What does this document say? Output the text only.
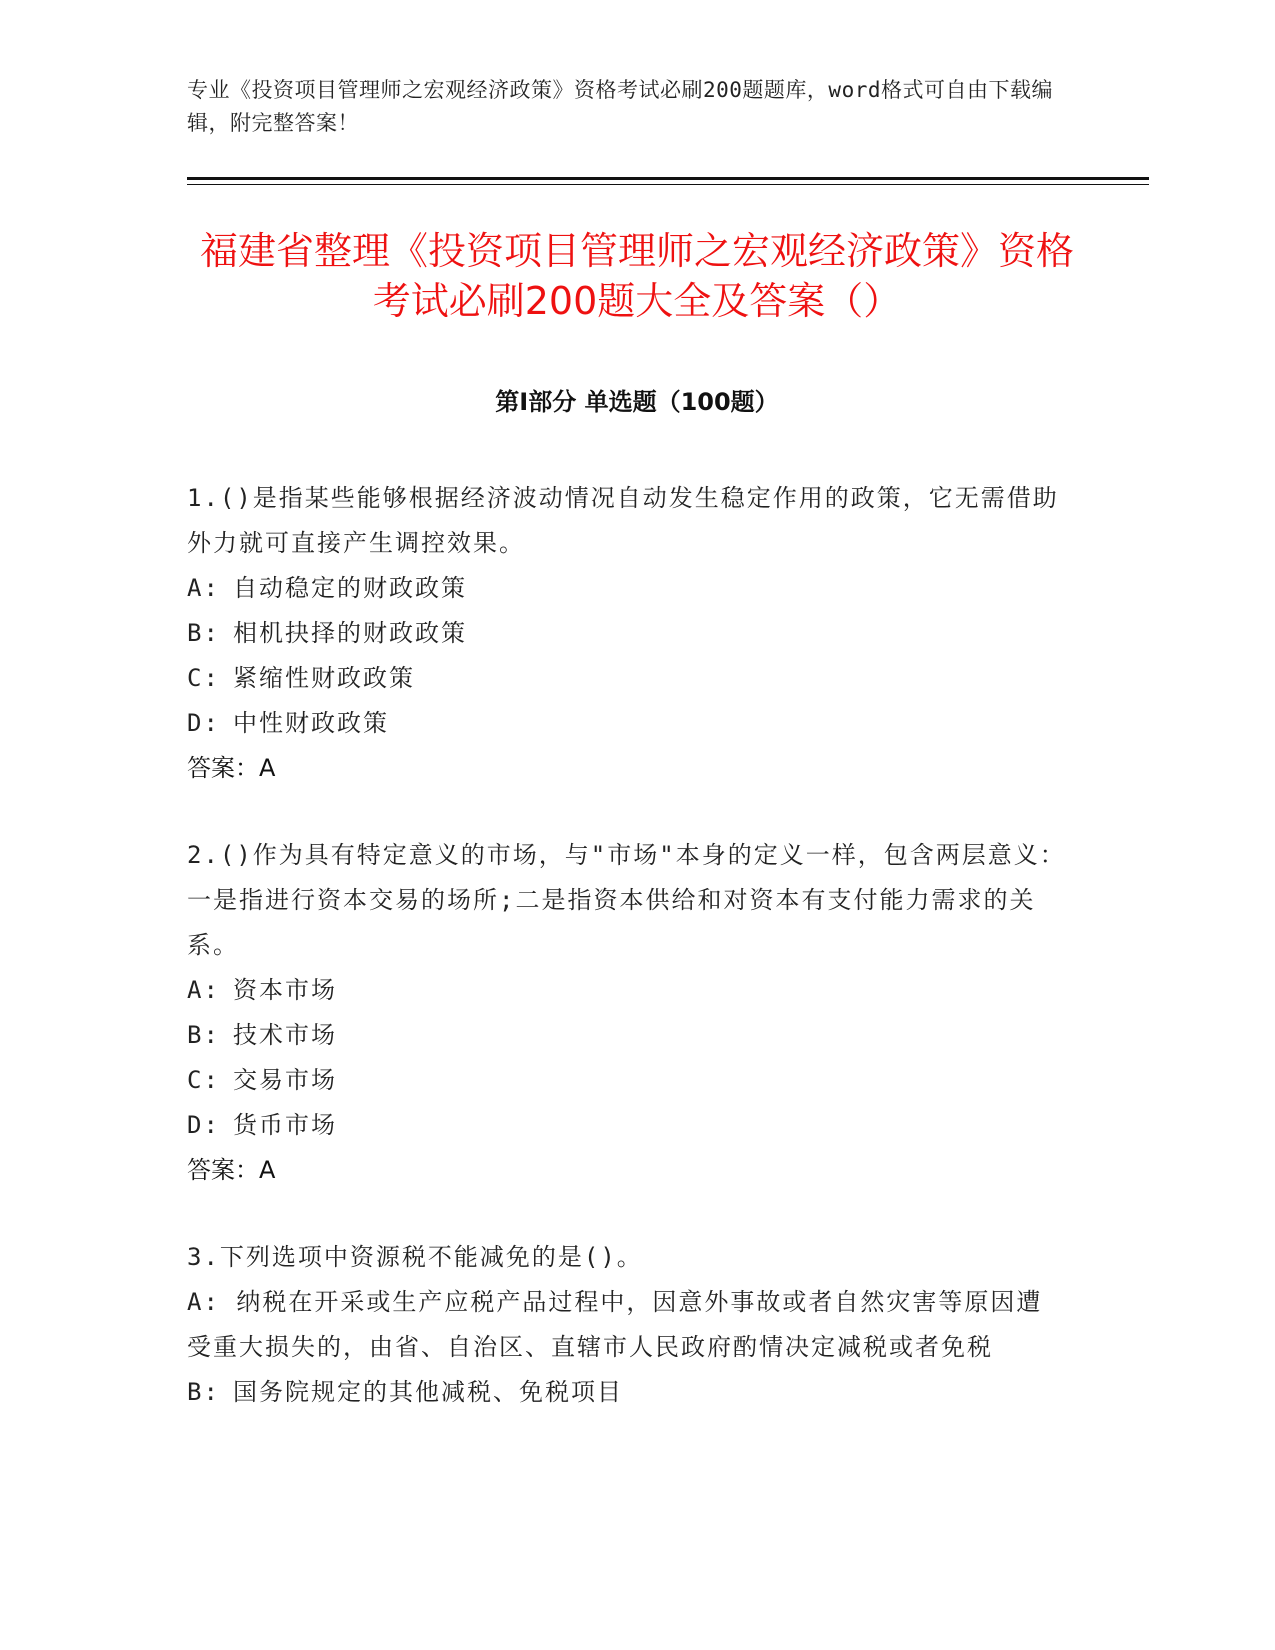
专业《投资项目管理师之宏观经济政策》资格考试必刷200题题库，word格式可自由下载编辑，附完整答案！
福建省整理《投资项目管理师之宏观经济政策》资格考试必刷200题大全及答案（）
第Ⅰ部分 单选题（100题）
1.()是指某些能够根据经济波动情况自动发生稳定作用的政策，它无需借助外力就可直接产生调控效果。
A: 自动稳定的财政政策
B: 相机抉择的财政政策
C: 紧缩性财政政策
D: 中性财政政策
答案：A
2.()作为具有特定意义的市场，与"市场"本身的定义一样，包含两层意义：一是指进行资本交易的场所;二是指资本供给和对资本有支付能力需求的关系。
A: 资本市场
B: 技术市场
C: 交易市场
D: 货币市场
答案：A
3.下列选项中资源税不能减免的是()。
A: 纳税在开采或生产应税产品过程中，因意外事故或者自然灾害等原因遭受重大损失的，由省、自治区、直辖市人民政府酌情决定减税或者免税
B: 国务院规定的其他减税、免税项目
